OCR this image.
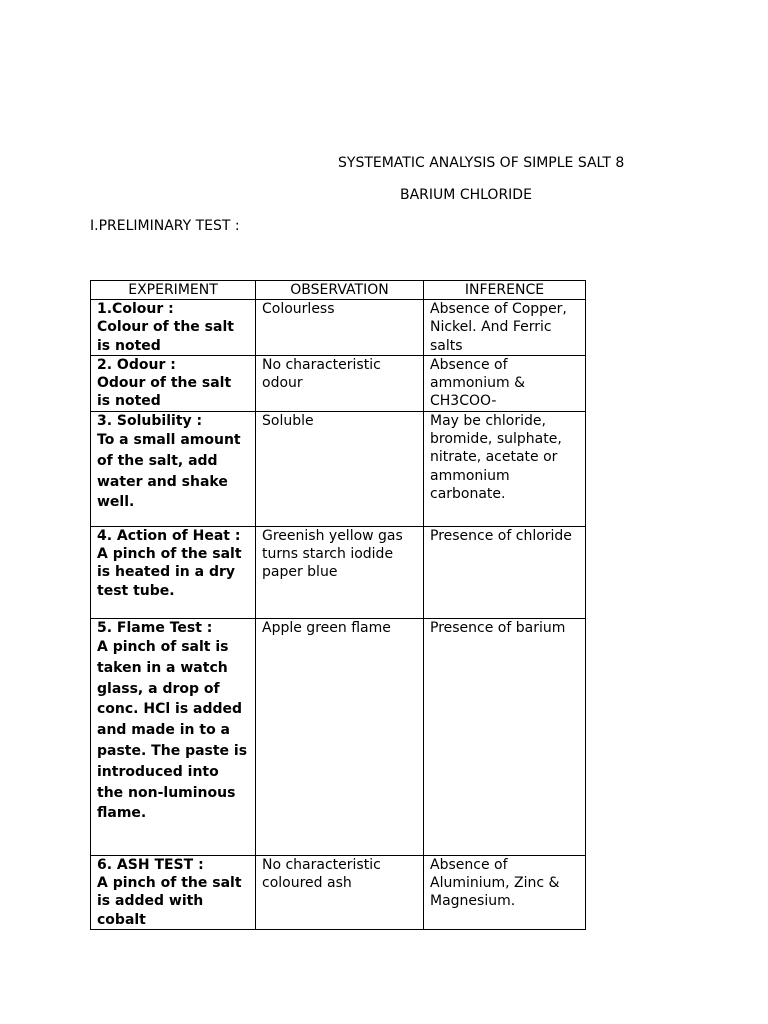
SYSTEMATIC ANALYSIS OF SIMPLE SALT 8
BARIUM CHLORIDE
I.PRELIMINARY TEST :
EXPERIMENT	OBSERVATION	INFERENCE

1.Colour :
Colour of the salt is noted	Colourless	Absence of Copper, Nickel. And Ferric salts

2. Odour :
Odour of the salt is noted	No characteristic odour	Absence of ammonium & CH3COO-

3. Solubility :
To a small amount of the salt, add water and shake well.	Soluble	May be chloride, bromide, sulphate, nitrate, acetate or ammonium carbonate.

4. Action of Heat :
A pinch of the salt is heated in a dry test tube.	Greenish yellow gas turns starch iodide paper blue	Presence of chloride

5. Flame Test :
A pinch of salt is taken in a watch glass, a drop of conc. HCl is added and made in to a paste. The paste is introduced into the non-luminous flame.	Apple green flame	Presence of barium

6. ASH TEST :
A pinch of the salt is added with cobalt	No characteristic coloured ash	Absence of Aluminium, Zinc & Magnesium.
